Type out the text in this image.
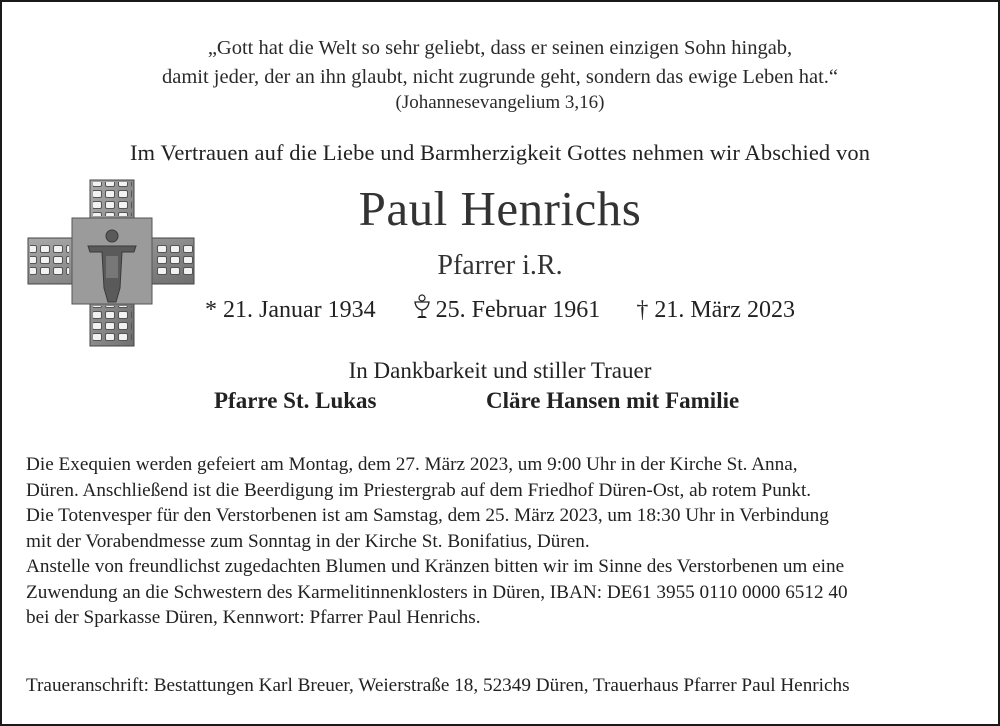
„Gott hat die Welt so sehr geliebt, dass er seinen einzigen Sohn hingab,
damit jeder, der an ihn glaubt, nicht zugrunde geht, sondern das ewige Leben hat.“
(Johannesevangelium 3,16)
Im Vertrauen auf die Liebe und Barmherzigkeit Gottes nehmen wir Abschied von
Paul Henrichs
Pfarrer i.R.
* 21. Januar 1934	25. Februar 1961 † 21. März 2023
In Dankbarkeit und stiller Trauer
Pfarre St. Lukas	Cläre Hansen mit Familie

Die Exequien werden gefeiert am Montag, dem 27. März 2023, um 9:00 Uhr in der Kirche St. Anna,

Düren. Anschließend ist die Beerdigung im Priestergrab auf dem Friedhof Düren-Ost, ab rotem Punkt.

Die Totenvesper für den Verstorbenen ist am Samstag, dem 25. März 2023, um 18:30 Uhr in Verbindung

mit der Vorabendmesse zum Sonntag in der Kirche St. Bonifatius, Düren.

Anstelle von freundlichst zugedachten Blumen und Kränzen bitten wir im Sinne des Verstorbenen um eine

Zuwendung an die Schwestern des Karmelitinnenklosters in Düren, IBAN: DE61 3955 0110 0000 6512 40

bei der Sparkasse Düren, Kennwort: Pfarrer Paul Henrichs.

Traueranschrift: Bestattungen Karl Breuer, Weierstraße 18, 52349 Düren, Trauerhaus Pfarrer Paul Henrichs
